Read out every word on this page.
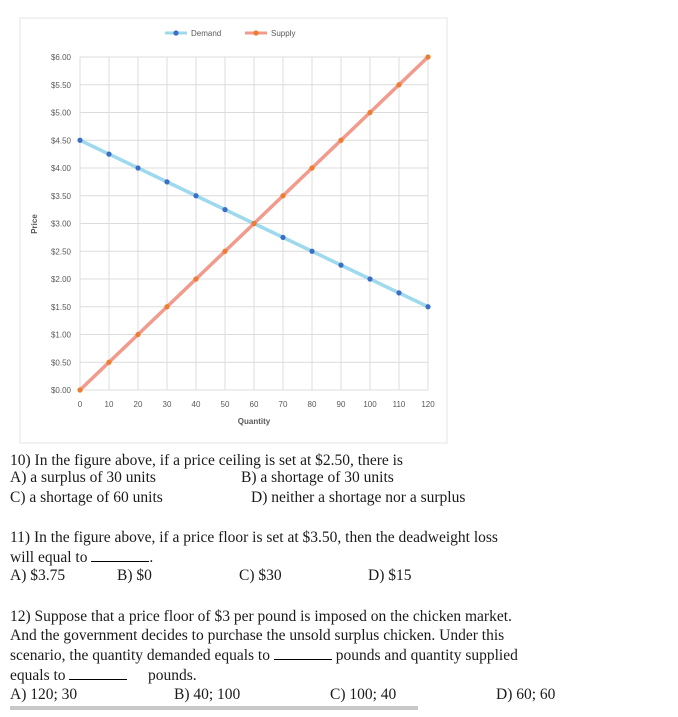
$0.00
$0.50
$1.00
$1.50
$2.00
$2.50
$3.00
$3.50
$4.00
$4.50
$5.00
$5.50
$6.00
0	10	20	30	40	50	60	70	80	90 100 110 120
Quantity
Price
Demand	Supply
10) In the figure above, if a price ceiling is set at $2.50, there is
A) a surplus of 30 units	B) a shortage of 30 units
C) a shortage of 60 units	D) neither a shortage nor a surplus
11) In the figure above, if a price floor is set at $3.50, then the deadweight loss
will equal to	.
A) $3.75	B) $0	C) $30	D) $15
12) Suppose that a price floor of $3 per pound is imposed on the chicken market.
And the government decides to purchase the unsold surplus chicken. Under this
scenario, the quantity demanded equals to	pounds and quantity supplied
equals to	pounds.
A) 120; 30	B) 40; 100	C) 100; 40	D) 60; 60
